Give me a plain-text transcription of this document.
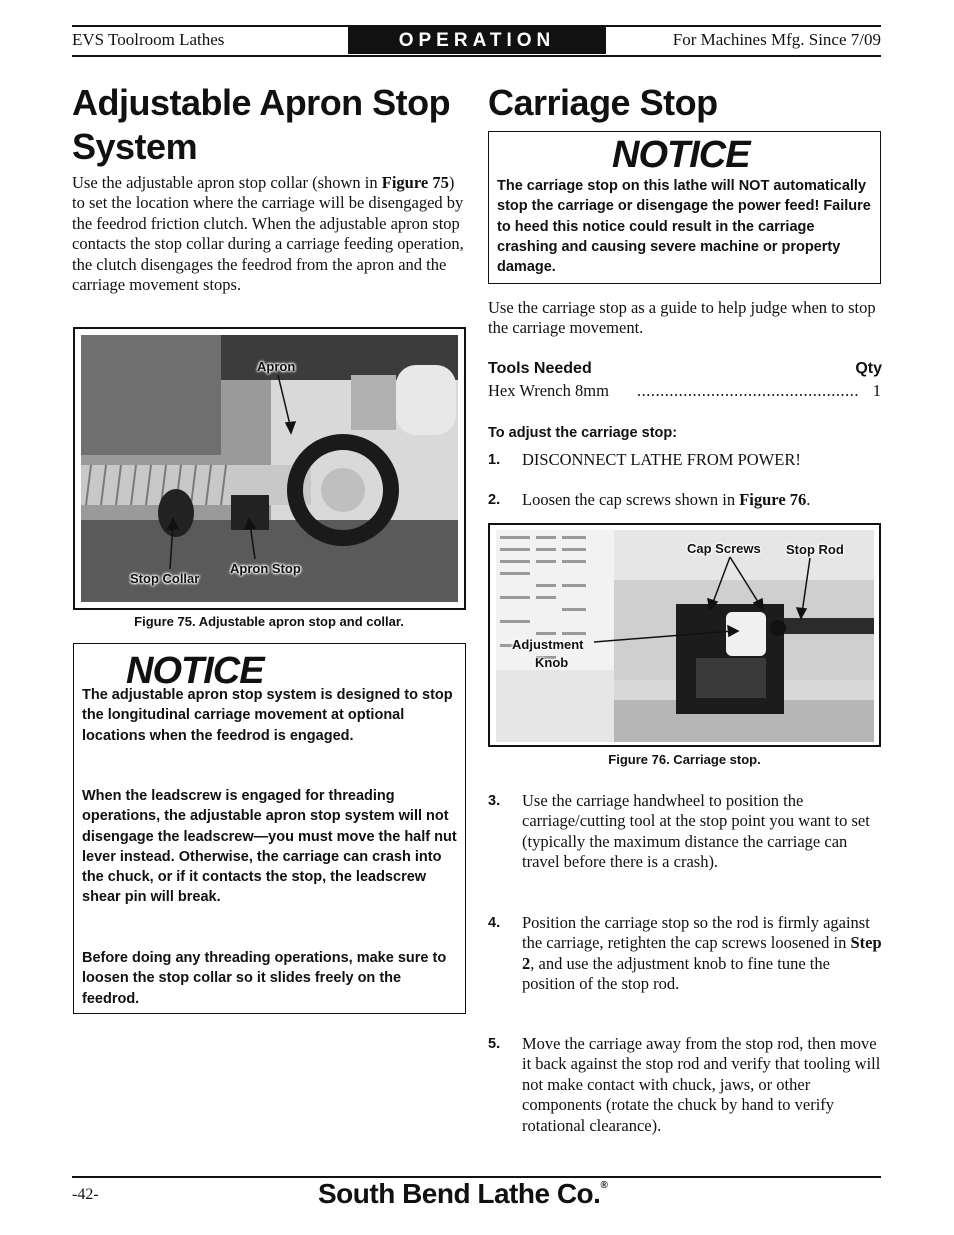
EVS Toolroom Lathes	OPERATION	For Machines Mfg. Since 7/09
Adjustable Apron Stop
System
Use the adjustable apron stop collar (shown in Figure 75) to set the location where the carriage will be disengaged by the feedrod friction clutch. When the adjustable apron stop contacts the stop collar during a carriage feeding operation, the clutch disengages the feedrod from the apron and the carriage movement stops.
Apron
Stop Collar
Apron Stop
Figure 75. Adjustable apron stop and collar.
NOTICE
The adjustable apron stop system is designed to stop the longitudinal carriage movement at optional locations when the feedrod is engaged.
When the leadscrew is engaged for threading operations, the adjustable apron stop system will not disengage the leadscrew—you must move the half nut lever instead. Otherwise, the carriage can crash into the chuck, or if it contacts the stop, the leadscrew shear pin will break.
Before doing any threading operations, make sure to loosen the stop collar so it slides freely on the feedrod.
Carriage Stop
NOTICE
The carriage stop on this lathe will NOT automatically stop the carriage or disengage the power feed! Failure to heed this notice could result in the carriage crashing and causing severe machine or property damage.
Use the carriage stop as a guide to help judge when to stop the carriage movement.
Tools Needed	Qty
Hex Wrench 8mm ................................................ 1
To adjust the carriage stop:
1. DISCONNECT LATHE FROM POWER!
2. Loosen the cap screws shown in Figure 76.
Cap Screws Stop Rod
Adjustment
Knob
Figure 76. Carriage stop.
3. Use the carriage handwheel to position the carriage/cutting tool at the stop point you want to set (typically the maximum distance the carriage can travel before there is a crash).
4. Position the carriage stop so the rod is firmly against the carriage, retighten the cap screws loosened in Step 2, and use the adjustment knob to fine tune the position of the stop rod.
5. Move the carriage away from the stop rod, then move it back against the stop rod and verify that tooling will not make contact with chuck, jaws, or other components (rotate the chuck by hand to verify rotational clearance).
-42-	South Bend Lathe Co.®
